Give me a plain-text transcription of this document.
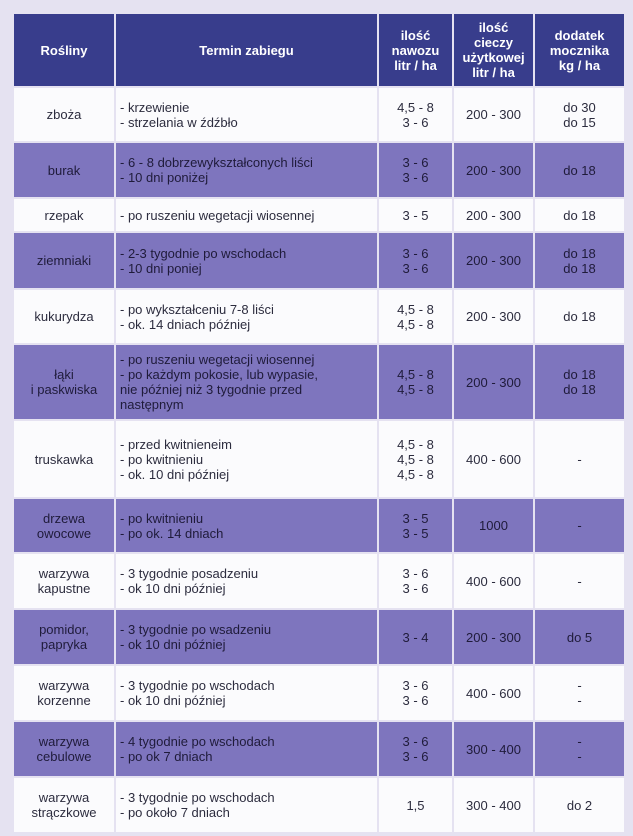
Rośliny	Termin zabiegu	ilość
nawozu
litr / ha	ilość
cieczy
użytkowej
litr / ha	dodatek
mocznika
kg / ha

zboża	- krzewienie
- strzelania w źdźbło	4,5 - 8
3 - 6	200 - 300	do 30
do 15

burak	- 6 - 8 dobrzewykształconych liści
- 10 dni poniżej	3 - 6
3 - 6	200 - 300	do 18

rzepak	- po ruszeniu wegetacji wiosennej	3 - 5	200 - 300	do 18

ziemniaki	- 2-3 tygodnie po wschodach
- 10 dni poniej	3 - 6
3 - 6	200 - 300	do 18
do 18

kukurydza	- po wykształceniu 7-8 liści
- ok. 14 dniach później	4,5 - 8
4,5 - 8	200 - 300	do 18

łąki
i paskwiska	- po ruszeniu wegetacji wiosennej
- po każdym pokosie, lub wypasie,
nie później niż 3 tygodnie przed
następnym	4,5 - 8
4,5 - 8	200 - 300	do 18
do 18

truskawka	- przed kwitnieneim
- po kwitnieniu
- ok. 10 dni później	4,5 - 8
4,5 - 8
4,5 - 8	400 - 600	-

drzewa
owocowe	- po kwitnieniu
- po ok. 14 dniach	3 - 5
3 - 5	1000	-

warzywa
kapustne	- 3 tygodnie posadzeniu
- ok 10 dni później	3 - 6
3 - 6	400 - 600	-

pomidor,
papryka	- 3 tygodnie po wsadzeniu
- ok 10 dni później	3 - 4	200 - 300	do 5

warzywa
korzenne	- 3 tygodnie po wschodach
- ok 10 dni później	3 - 6
3 - 6	400 - 600	-
-

warzywa
cebulowe	- 4 tygodnie po wschodach
- po ok 7 dniach	3 - 6
3 - 6	300 - 400	-
-

warzywa
strączkowe	- 3 tygodnie po wschodach
- po około 7 dniach	1,5	300 - 400	do 2
